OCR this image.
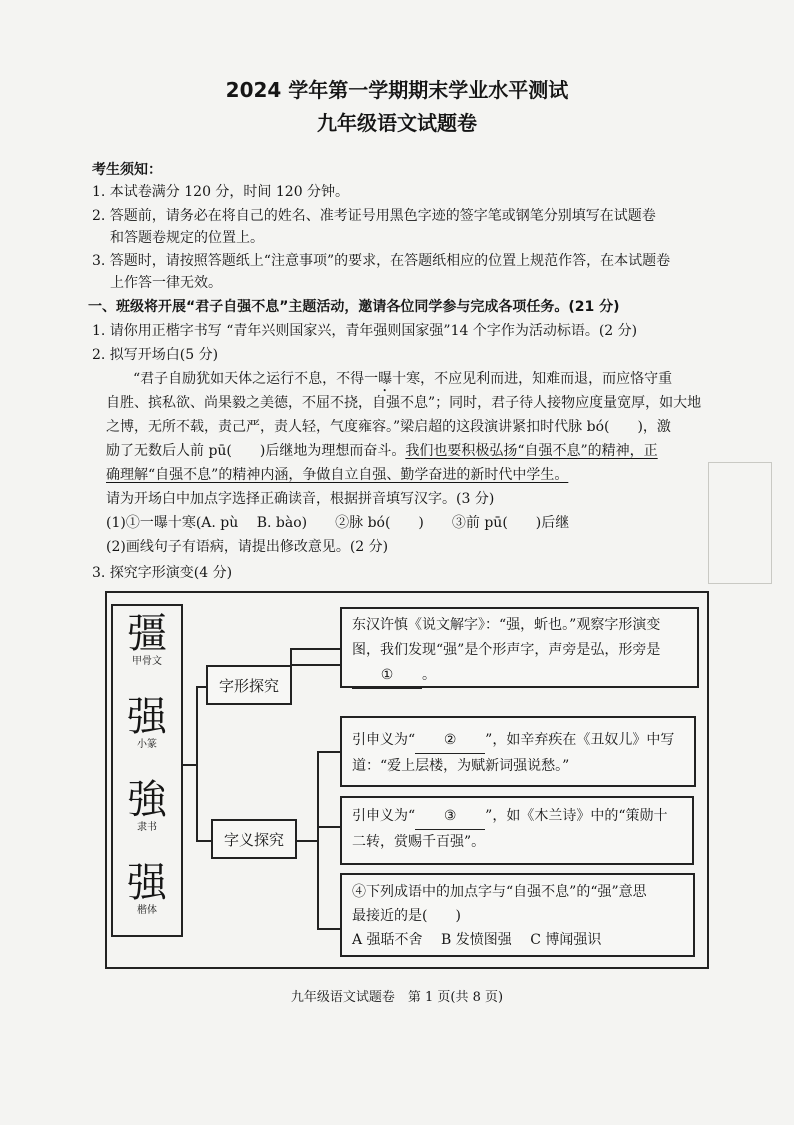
2024 学年第一学期期末学业水平测试
九年级语文试题卷
考生须知：
1. 本试卷满分 120 分，时间 120 分钟。
2. 答题前，请务必在将自己的姓名、准考证号用黑色字迹的签字笔或钢笔分别填写在试题卷
和答题卷规定的位置上。
3. 答题时，请按照答题纸上“注意事项”的要求，在答题纸相应的位置上规范作答，在本试题卷
上作答一律无效。
一、班级将开展“君子自强不息”主题活动，邀请各位同学参与完成各项任务。(21 分)
1. 请你用正楷字书写 “青年兴则国家兴，青年强则国家强”14 个字作为活动标语。(2 分)
2. 拟写开场白(5 分)
“君子自励犹如天体之运行不息，不得一曝十寒，不应见利而进，知难而退，而应恪守重
自胜、摈私欲、尚果毅之美德，不屈不挠，自强不息”；同时，君子待人接物应度量宽厚，如大地
之博，无所不载，责己严，责人轻，气度雍容。”梁启超的这段演讲紧扣时代脉 bó(　　)，激
励了无数后人前 pū(　　)后继地为理想而奋斗。我们也要积极弘扬“自强不息”的精神，正
确理解“自强不息”的精神内涵，争做自立自强、勤学奋进的新时代中学生。
请为开场白中加点字选择正确读音，根据拼音填写汉字。(3 分)
(1)①一曝十寒(A. pù　 B. bào)　　②脉 bó(　　)　　③前 pū(　　)后继
(2)画线句子有语病，请提出修改意见。(2 分)
3. 探究字形演变(4 分)
彊
甲骨文
强
小篆
強
隶书
强
楷体
字形探究
字义探究
东汉许慎《说文解字》：“强，蚚也。”观察字形演变
图，我们发现“强”是个形声字，声旁是弘，形旁是
① 。
引申义为“ ② ”，如辛弃疾在《丑奴儿》中写
道：“爱上层楼，为赋新词强说愁。”
引申义为“ ③ ”，如《木兰诗》中的“策勋十
二转，赏赐千百强”。
④下列成语中的加点字与“自强不息”的“强”意思
最接近的是(　　)
A 强聒不舍　 B 发愤图强　 C 博闻强识
九年级语文试题卷　第 1 页(共 8 页)
